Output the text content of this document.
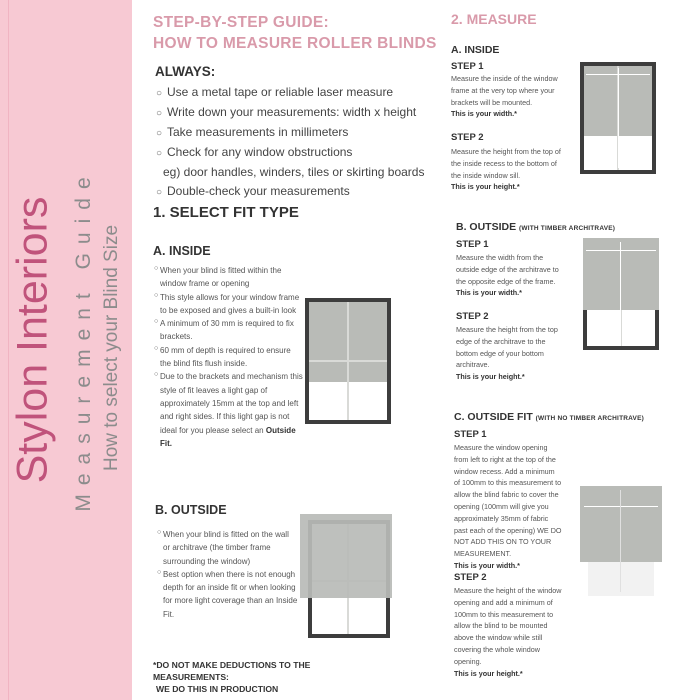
Stylon Interiors Measurement Guide How to select your Blind Size
STEP-BY-STEP GUIDE:
HOW TO MEASURE ROLLER BLINDS
ALWAYS:
○ Use a metal tape or reliable laser measure
○ Write down your measurements: width x height
○ Take measurements in millimeters
○ Check for any window obstructions
eg) door handles, winders, tiles or skirting boards
○ Double-check your measurements
1. SELECT FIT TYPE
A. INSIDE
○ When your blind is fitted within the window frame or opening
○ This style allows for your window frame to be exposed and gives a built-in look
○ A minimum of 30 mm is required to fix brackets.
○ 60 mm of depth is required to ensure the blind fits flush inside.
○ Due to the brackets and mechanism this style of fit leaves a light gap of approximately 15mm at the top and left and right sides. If this light gap is not ideal for you please select an Outside Fit.
B. OUTSIDE
○ When your blind is fitted on the wall or architrave (the timber frame surrounding the window)
○ Best option when there is not enough depth for an inside fit or when looking for more light coverage than an Inside Fit.
*DO NOT MAKE DEDUCTIONS TO THE MEASUREMENTS:
WE DO THIS IN PRODUCTION
2. MEASURE
A. INSIDE
STEP 1
Measure the inside of the window frame at the very top where your brackets will be mounted.
This is your width.*
STEP 2
Measure the height from the top of the inside recess to the bottom of the inside window sill.
This is your height.*
B. OUTSIDE (WITH TIMBER ARCHITRAVE)
STEP 1
Measure the width from the outside edge of the architrave to the opposite edge of the frame.
This is your width.*
STEP 2
Measure the height from the top edge of the architrave to the bottom edge of your bottom architrave.
This is your height.*
C. OUTSIDE FIT (WITH NO TIMBER ARCHITRAVE)
STEP 1
Measure the window opening from left to right at the top of the window recess. Add a minimum of 100mm to this measurement to allow the blind fabric to cover the opening (100mm will give you approximately 35mm of fabric past each of the opening) WE DO NOT ADD THIS ON TO YOUR MEASUREMENT.
This is your width.*
STEP 2
Measure the height of the window opening and add a minimum of 100mm to this measurement to allow the blind to be mounted above the window while still covering the whole window opening.
This is your height.*
